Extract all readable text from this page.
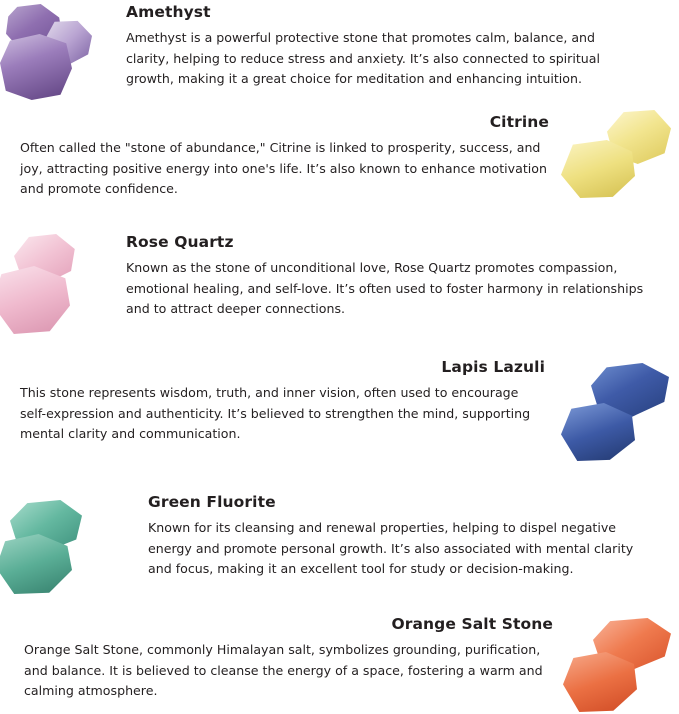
Amethyst
Amethyst is a powerful protective stone that promotes calm, balance, and clarity, helping to reduce stress and anxiety. It’s also connected to spiritual growth, making it a great choice for meditation and enhancing intuition.
Citrine
Often called the "stone of abundance," Citrine is linked to prosperity, success, and joy, attracting positive energy into one's life. It’s also known to enhance motivation and promote confidence.
Rose Quartz
Known as the stone of unconditional love, Rose Quartz promotes compassion, emotional healing, and self-love. It’s often used to foster harmony in relationships and to attract deeper connections.
Lapis Lazuli
This stone represents wisdom, truth, and inner vision, often used to encourage self-expression and authenticity. It’s believed to strengthen the mind, supporting mental clarity and communication.
Green Fluorite
Known for its cleansing and renewal properties, helping to dispel negative energy and promote personal growth. It’s also associated with mental clarity and focus, making it an excellent tool for study or decision-making.
Orange Salt Stone
Orange Salt Stone, commonly Himalayan salt, symbolizes grounding, purification, and balance. It is believed to cleanse the energy of a space, fostering a warm and calming atmosphere.
